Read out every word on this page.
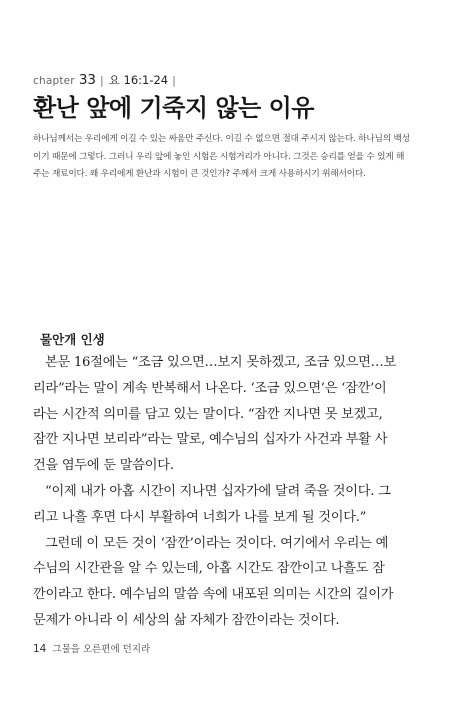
chapter 33 | 요 16:1-24 |
환난 앞에 기죽지 않는 이유
하나님께서는 우리에게 이길 수 있는 싸움만 주신다. 이길 수 없으면 절대 주시지 않는다. 하나님의 백성
이기 때문에 그렇다. 그러니 우리 앞에 놓인 시험은 시험거리가 아니다. 그것은 승리를 얻을 수 있게 해
주는 재료이다. 왜 우리에게 환난과 시험이 큰 것인가? 주께서 크게 사용하시기 위해서이다.
물안개 인생
본문 16절에는 “조금 있으면…보지 못하겠고, 조금 있으면…보
리라”라는 말이 계속 반복해서 나온다. ‘조금 있으면’은 ‘잠깐’이
라는 시간적 의미를 담고 있는 말이다. “잠깐 지나면 못 보겠고,
잠깐 지나면 보리라”라는 말로, 예수님의 십자가 사건과 부활 사
건을 염두에 둔 말씀이다.
“이제 내가 아홉 시간이 지나면 십자가에 달려 죽을 것이다. 그
리고 나흘 후면 다시 부활하여 너희가 나를 보게 될 것이다.”
그런데 이 모든 것이 ‘잠깐’이라는 것이다. 여기에서 우리는 예
수님의 시간관을 알 수 있는데, 아홉 시간도 잠깐이고 나흘도 잠
깐이라고 한다. 예수님의 말씀 속에 내포된 의미는 시간의 길이가
문제가 아니라 이 세상의 삶 자체가 잠깐이라는 것이다.
14 그물을 오른편에 던지라
